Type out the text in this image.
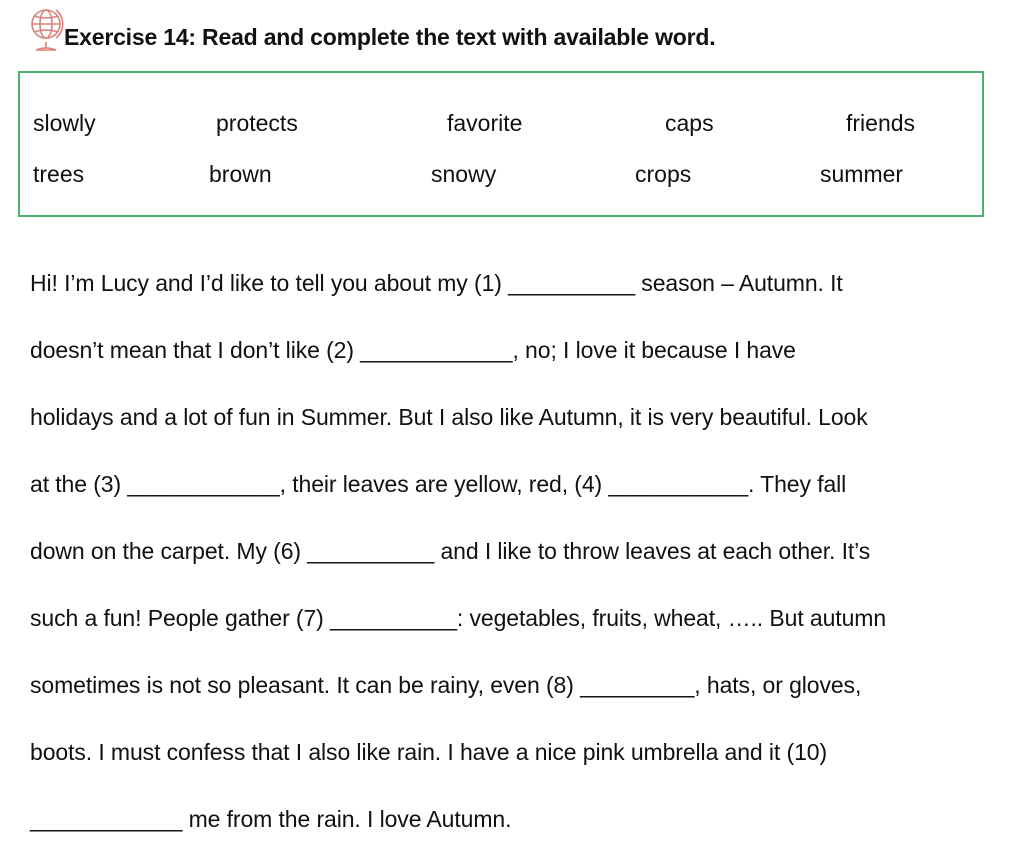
Exercise 14: Read and complete the text with available word.
slowly	protects	favorite	caps	friends
trees	brown	snowy	crops	summer
Hi! I’m Lucy and I’d like to tell you about my (1) __________ season – Autumn. It
doesn’t mean that I don’t like (2) ____________, no; I love it because I have
holidays and a lot of fun in Summer. But I also like Autumn, it is very beautiful. Look
at the (3) ____________, their leaves are yellow, red, (4) ___________. They fall
down on the carpet. My (6) __________ and I like to throw leaves at each other. It’s
such a fun! People gather (7) __________: vegetables, fruits, wheat, ….. But autumn
sometimes is not so pleasant. It can be rainy, even (8) _________, hats, or gloves,
boots. I must confess that I also like rain. I have a nice pink umbrella and it (10)
____________ me from the rain. I love Autumn.
